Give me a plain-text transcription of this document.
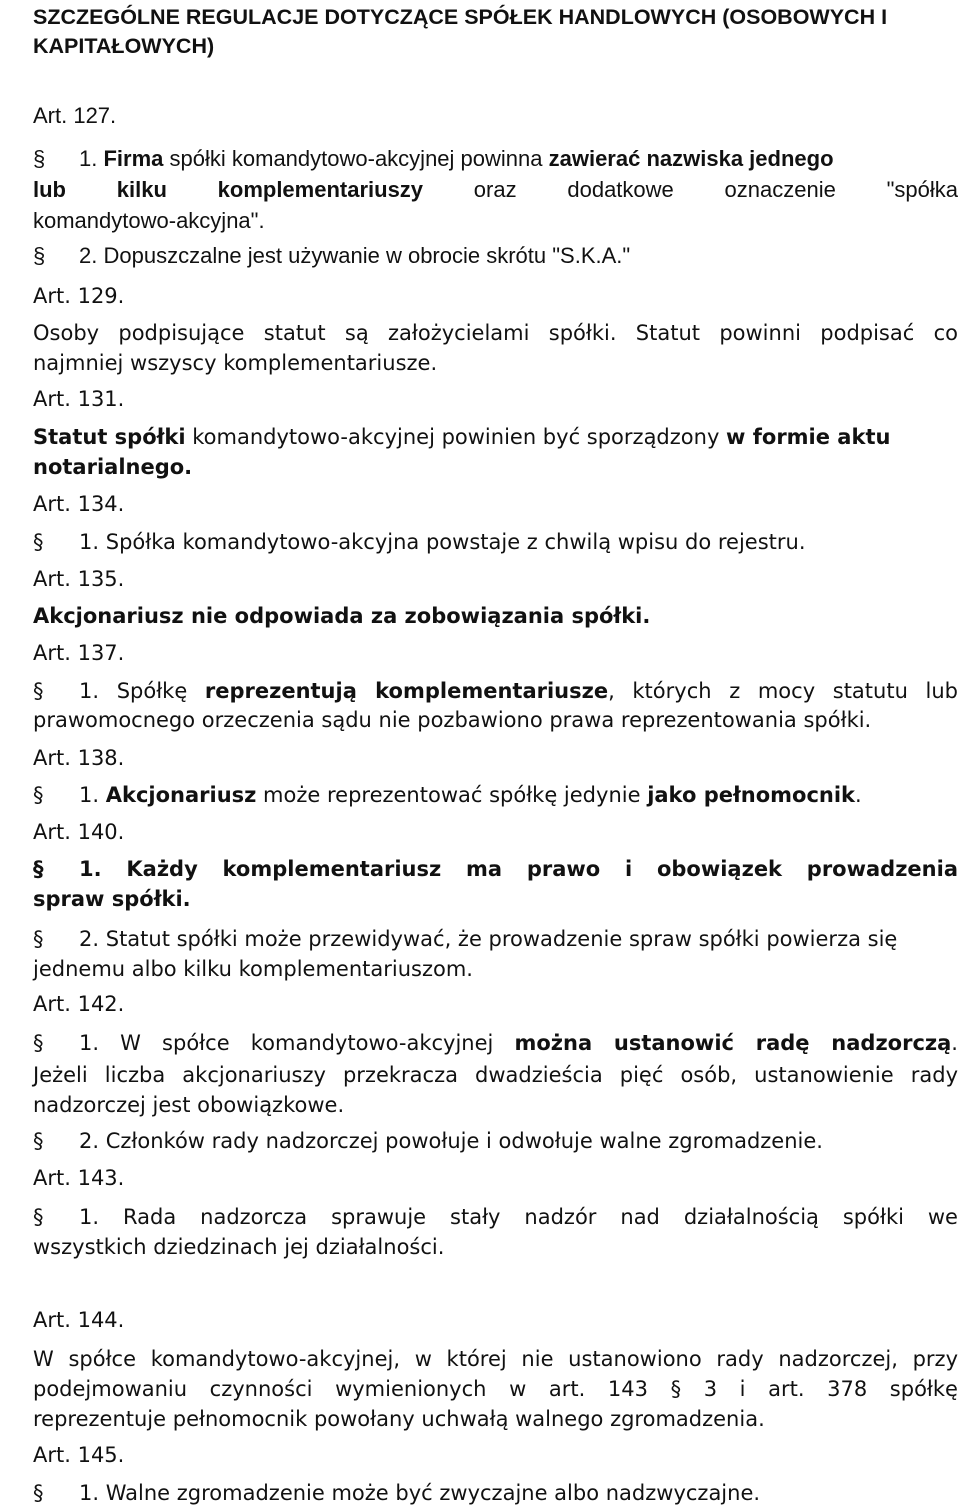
SZCZEGÓLNE REGULACJE DOTYCZĄCE SPÓŁEK HANDLOWYCH (OSOBOWYCH I
KAPITAŁOWYCH)
Art. 127.
§ 1. Firma spółki komandytowo-akcyjnej powinna zawierać nazwiska jednego
lub kilku komplementariuszy oraz dodatkowe oznaczenie "spółka
komandytowo-akcyjna".
§ 2. Dopuszczalne jest używanie w obrocie skrótu "S.K.A."
Art. 129.
Osoby podpisujące statut są założycielami spółki. Statut powinni podpisać co
najmniej wszyscy komplementariusze.
Art. 131.
Statut spółki komandytowo-akcyjnej powinien być sporządzony w formie aktu
notarialnego.
Art. 134.
§ 1. Spółka komandytowo-akcyjna powstaje z chwilą wpisu do rejestru.
Art. 135.
Akcjonariusz nie odpowiada za zobowiązania spółki.
Art. 137.
§ 1. Spółkę reprezentują komplementariusze, których z mocy statutu lub
prawomocnego orzeczenia sądu nie pozbawiono prawa reprezentowania spółki.
Art. 138.
§ 1. Akcjonariusz może reprezentować spółkę jedynie jako pełnomocnik.
Art. 140.
§ 1. Każdy komplementariusz ma prawo i obowiązek prowadzenia
spraw spółki.
§ 2. Statut spółki może przewidywać, że prowadzenie spraw spółki powierza się
jednemu albo kilku komplementariuszom.
Art. 142.
§ 1. W spółce komandytowo-akcyjnej można ustanowić radę nadzorczą.
Jeżeli liczba akcjonariuszy przekracza dwadzieścia pięć osób, ustanowienie rady
nadzorczej jest obowiązkowe.
§ 2. Członków rady nadzorczej powołuje i odwołuje walne zgromadzenie.
Art. 143.
§ 1. Rada nadzorcza sprawuje stały nadzór nad działalnością spółki we
wszystkich dziedzinach jej działalności.
Art. 144.
W spółce komandytowo-akcyjnej, w której nie ustanowiono rady nadzorczej, przy
podejmowaniu czynności wymienionych w art. 143 § 3 i art. 378 spółkę
reprezentuje pełnomocnik powołany uchwałą walnego zgromadzenia.
Art. 145.
§ 1. Walne zgromadzenie może być zwyczajne albo nadzwyczajne.
